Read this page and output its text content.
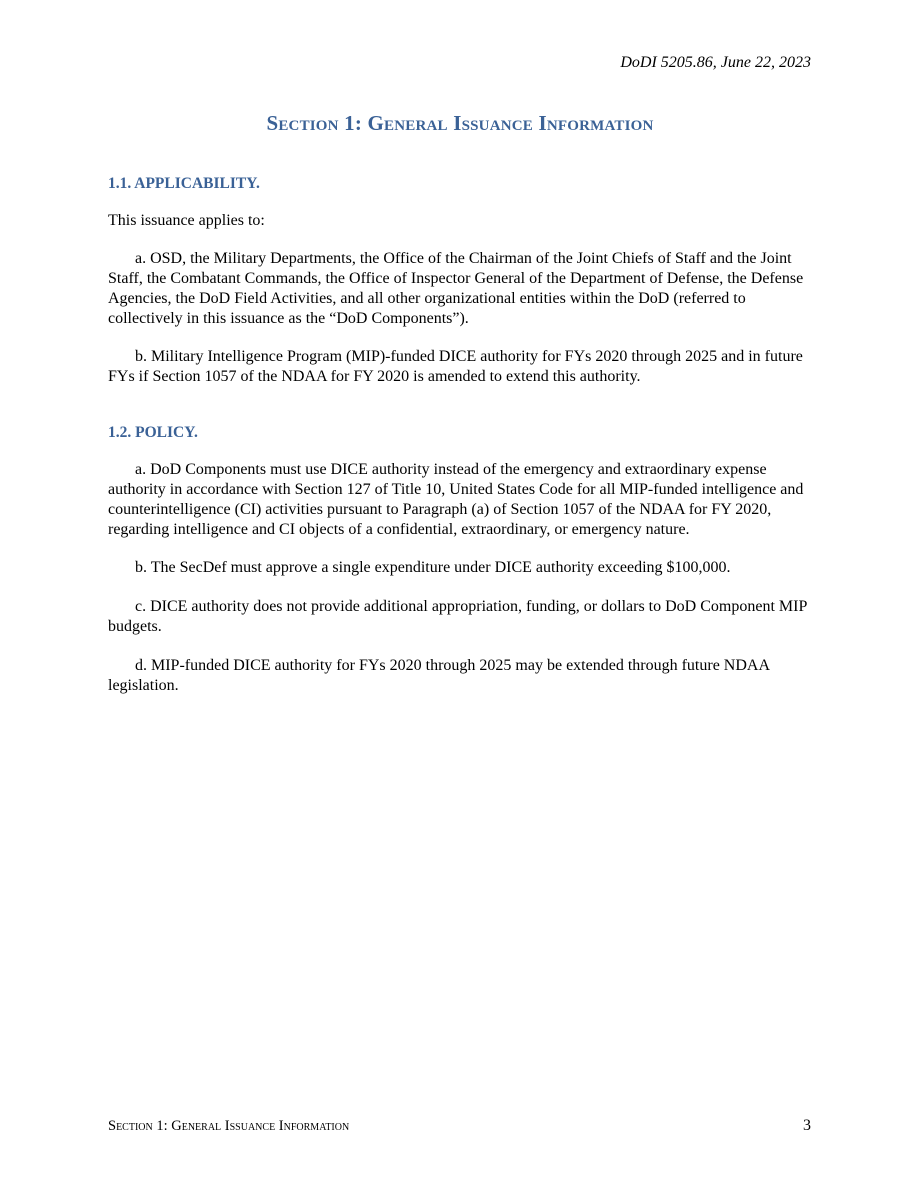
DoDI 5205.86, June 22, 2023
Section 1: General Issuance Information

1.1. APPLICABILITY.

This issuance applies to:

a. OSD, the Military Departments, the Office of the Chairman of the Joint Chiefs of Staff and the Joint Staff, the Combatant Commands, the Office of Inspector General of the Department of Defense, the Defense Agencies, the DoD Field Activities, and all other organizational entities within the DoD (referred to collectively in this issuance as the “DoD Components”).

b. Military Intelligence Program (MIP)-funded DICE authority for FYs 2020 through 2025 and in future FYs if Section 1057 of the NDAA for FY 2020 is amended to extend this authority.

1.2. POLICY.

a. DoD Components must use DICE authority instead of the emergency and extraordinary expense authority in accordance with Section 127 of Title 10, United States Code for all MIP-funded intelligence and counterintelligence (CI) activities pursuant to Paragraph (a) of Section 1057 of the NDAA for FY 2020, regarding intelligence and CI objects of a confidential, extraordinary, or emergency nature.

b. The SecDef must approve a single expenditure under DICE authority exceeding $100,000.

c. DICE authority does not provide additional appropriation, funding, or dollars to DoD Component MIP budgets.

d. MIP-funded DICE authority for FYs 2020 through 2025 may be extended through future NDAA legislation.

Section 1: General Issuance Information	3
